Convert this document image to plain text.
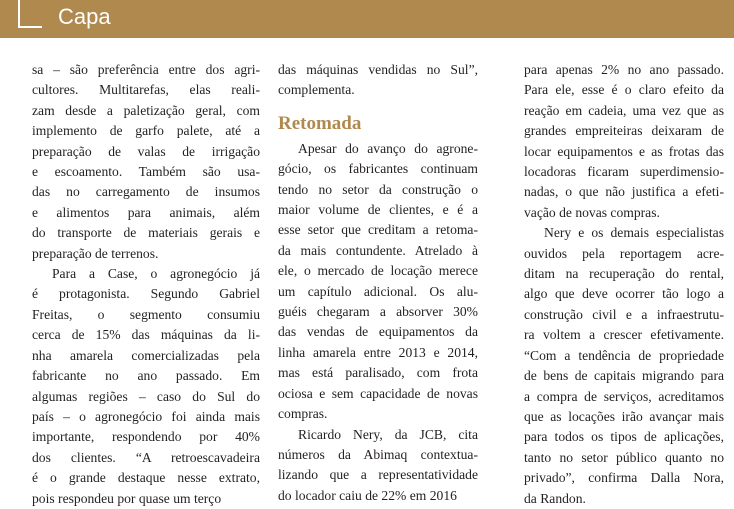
Capa
sa – são preferência entre dos agri-
cultores. Multitarefas, elas reali-
zam desde a paletização geral, com
implemento de garfo palete, até a
preparação de valas de irrigação
e escoamento. Também são usa-
das no carregamento de insumos
e alimentos para animais, além
do transporte de materiais gerais e
preparação de terrenos.
Para a Case, o agronegócio já
é protagonista. Segundo Gabriel
Freitas, o segmento consumiu
cerca de 15% das máquinas da li-
nha amarela comercializadas pela
fabricante no ano passado. Em
algumas regiões – caso do Sul do
país – o agronegócio foi ainda mais
importante, respondendo por 40%
dos clientes. “A retroescavadeira
é o grande destaque nesse extrato,
pois respondeu por quase um terço
das máquinas vendidas no Sul”,
complementa.
Retomada
Apesar do avanço do agrone-
gócio, os fabricantes continuam
tendo no setor da construção o
maior volume de clientes, e é a
esse setor que creditam a retoma-
da mais contundente. Atrelado à
ele, o mercado de locação merece
um capítulo adicional. Os alu-
guéis chegaram a absorver 30%
das vendas de equipamentos da
linha amarela entre 2013 e 2014,
mas está paralisado, com frota
ociosa e sem capacidade de novas
compras.
Ricardo Nery, da JCB, cita
números da Abimaq contextua-
lizando que a representatividade
do locador caiu de 22% em 2016
para apenas 2% no ano passado.
Para ele, esse é o claro efeito da
reação em cadeia, uma vez que as
grandes empreiteiras deixaram de
locar equipamentos e as frotas das
locadoras ficaram superdimensio-
nadas, o que não justifica a efeti-
vação de novas compras.
Nery e os demais especialistas
ouvidos pela reportagem acre-
ditam na recuperação do rental,
algo que deve ocorrer tão logo a
construção civil e a infraestrutu-
ra voltem a crescer efetivamente.
“Com a tendência de propriedade
de bens de capitais migrando para
a compra de serviços, acreditamos
que as locações irão avançar mais
para todos os tipos de aplicações,
tanto no setor público quanto no
privado”, confirma Dalla Nora,
da Randon.
